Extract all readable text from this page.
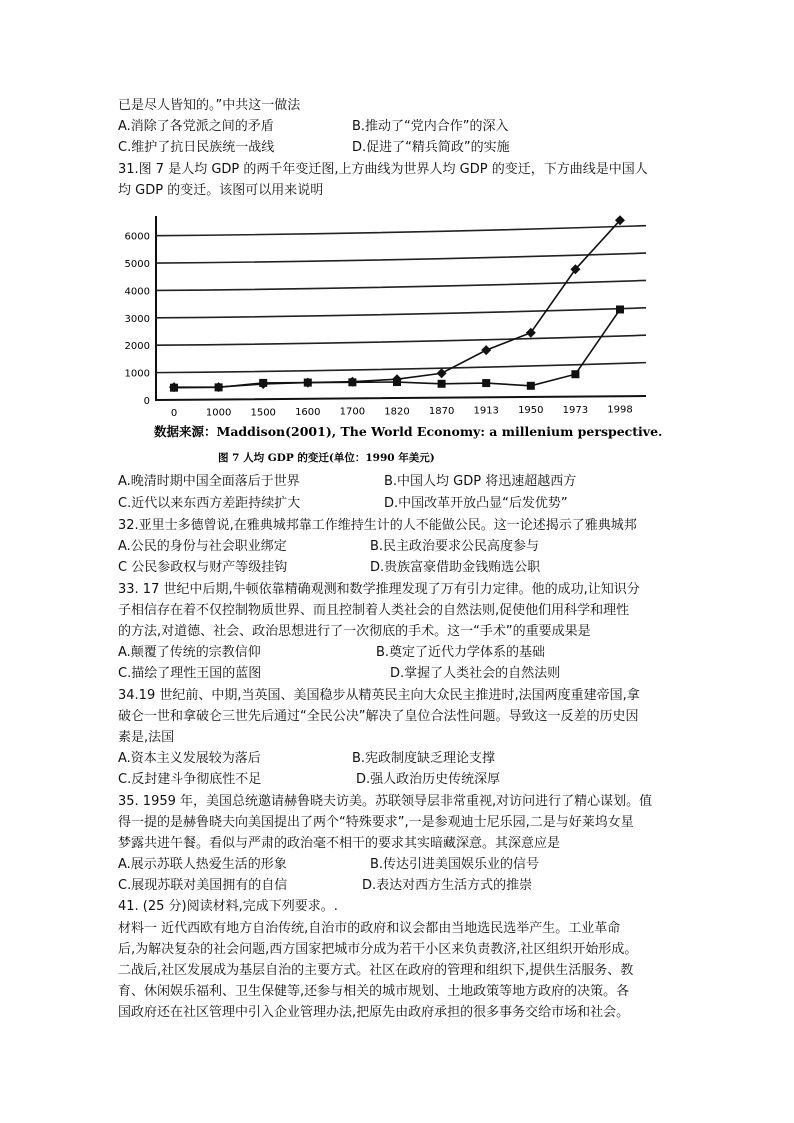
已是尽人皆知的。”中共这一做法
A.消除了各党派之间的矛盾	B.推动了“党内合作”的深入
C.维护了抗日民族统一战线	D.促进了“精兵简政”的实施
31.图 7 是人均 GDP 的两千年变迁图,上方曲线为世界人均 GDP 的变迁，下方曲线是中国人
均 GDP 的变迁。该图可以用来说明
0
1000
2000
3000
4000
5000
6000
0	1000 1500 1600 1700 1820 1870 1913 1950 1973 1998
数据来源：Maddison(2001), The World Economy: a millenium perspective.
图 7 人均 GDP 的变迁(单位：1990 年美元)
A.晚清时期中国全面落后于世界	B.中国人均 GDP 将迅速超越西方
C.近代以来东西方差距持续扩大	D.中国改革开放凸显“后发优势”
32.亚里士多德曾说,在雅典城邦靠工作维持生计的人不能做公民。这一论述揭示了雅典城邦
A.公民的身份与社会职业绑定	B.民主政治要求公民高度参与
C 公民参政权与财产等级挂钩	D.贵族富豪借助金钱贿选公职
33. 17 世纪中后期,牛顿依靠精确观测和数学推理发现了万有引力定律。他的成功,让知识分
子相信存在着不仅控制物质世界、而且控制着人类社会的自然法则,促使他们用科学和理性
的方法,对道德、社会、政治思想进行了一次彻底的手术。这一“手术”的重要成果是
A.颠覆了传统的宗教信仰	B.奠定了近代力学体系的基础
C.描绘了理性王国的蓝图	D.掌握了人类社会的自然法则
34.19 世纪前、中期,当英国、美国稳步从精英民主向大众民主推进时,法国两度重建帝国,拿
破仑一世和拿破仑三世先后通过“全民公决”解决了皇位合法性问题。导致这一反差的历史因
素是,法国
A.资本主义发展较为落后	B.宪政制度缺乏理论支撑
C.反封建斗争彻底性不足	D.强人政治历史传统深厚
35. 1959 年，美国总统邀请赫鲁晓夫访美。苏联领导层非常重视,对访问进行了精心谋划。值
得一提的是赫鲁晓夫向美国提出了两个“特殊要求”,一是参观迪士尼乐园,二是与好莱坞女星
梦露共进午餐。看似与严肃的政治毫不相干的要求其实暗藏深意。其深意应是
A.展示苏联人热爱生活的形象	B.传达引进美国娱乐业的信号
C.展现苏联对美国拥有的自信	D.表达对西方生活方式的推崇
41. (25 分)阅读材料,完成下列要求。.
材料一 近代西欧有地方自治传统,自治市的政府和议会都由当地选民选举产生。工业革命
后,为解决复杂的社会问题,西方国家把城市分成为若干小区来负责教济,社区组织开始形成。
二战后,社区发展成为基层自治的主要方式。社区在政府的管理和组织下,提供生活服务、教
育、休闲娱乐福利、卫生保健等,还参与相关的城市规划、土地政策等地方政府的决策。各
国政府还在社区管理中引入企业管理办法,把原先由政府承担的很多事务交给市场和社会。
